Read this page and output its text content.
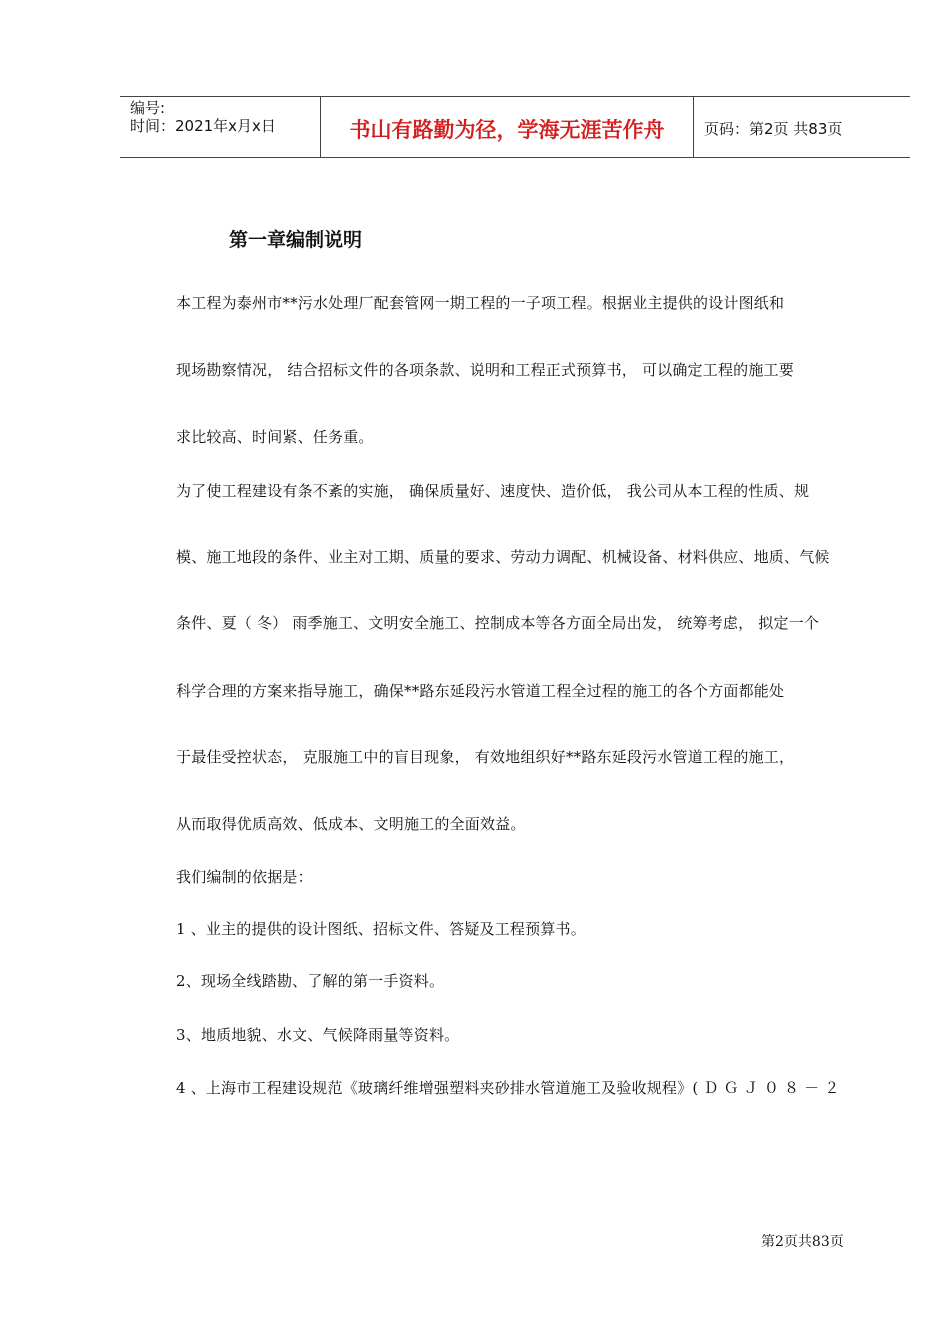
编号:
时间：2021年x月x日	书山有路勤为径，学海无涯苦作舟	页码：第2页 共83页
第一章编制说明
本工程为泰州市**污水处理厂配套管网一期工程的一子项工程。根据业主提供的设计图纸和
现场勘察情况， 结合招标文件的各项条款、说明和工程正式预算书， 可以确定工程的施工要
求比较高、时间紧、任务重。
为了使工程建设有条不紊的实施， 确保质量好、速度快、造价低， 我公司从本工程的性质、规
模、施工地段的条件、业主对工期、质量的要求、劳动力调配、机械设备、材料供应、地质、气候
条件、夏（ 冬） 雨季施工、文明安全施工、控制成本等各方面全局出发， 统筹考虑， 拟定一个
科学合理的方案来指导施工，确保**路东延段污水管道工程全过程的施工的各个方面都能处
于最佳受控状态， 克服施工中的盲目现象， 有效地组织好**路东延段污水管道工程的施工，
从而取得优质高效、低成本、文明施工的全面效益。
我们编制的依据是：
1 、业主的提供的设计图纸、招标文件、答疑及工程预算书。
2、现场全线踏勘、了解的第一手资料。
3、地质地貌、水文、气候降雨量等资料。
4 、上海市工程建设规范《玻璃纤维增强塑料夹砂排水管道施工及验收规程》( Ｄ Ｇ Ｊ ０ ８ － ２
第2页共83页
